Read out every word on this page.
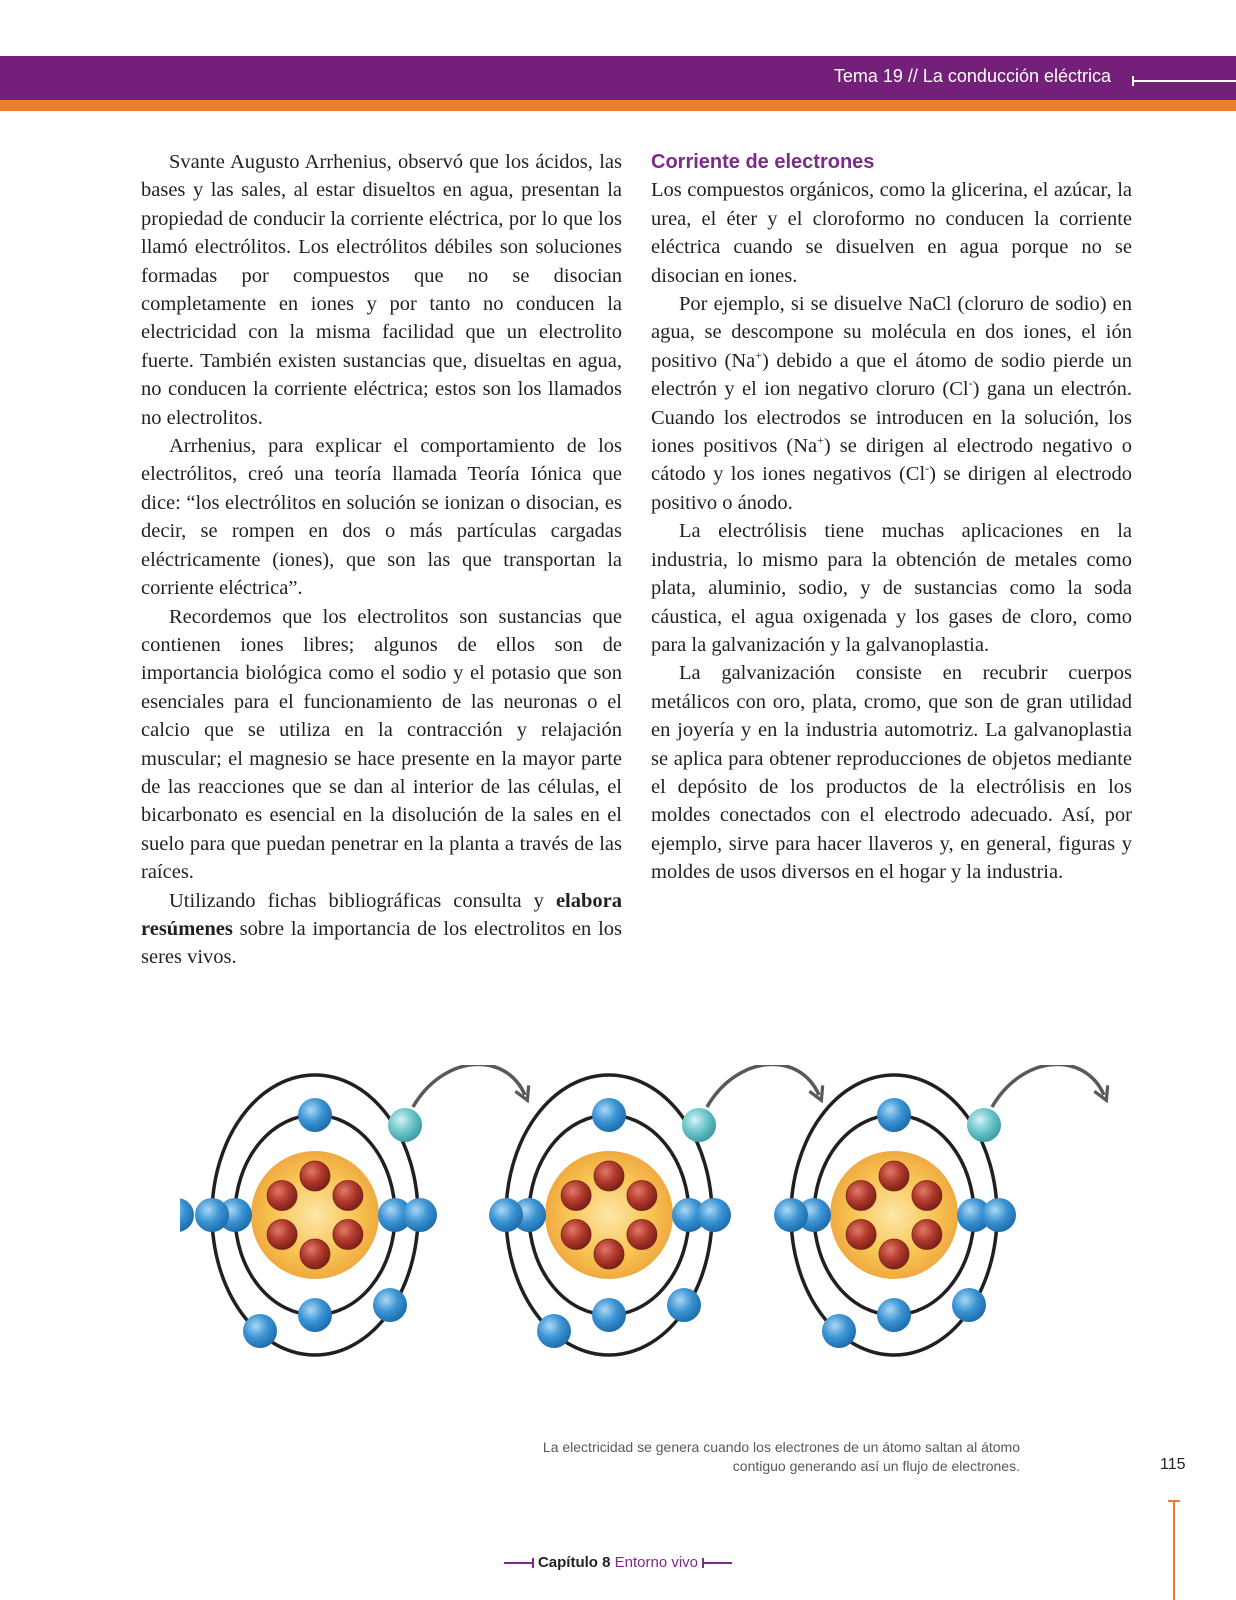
Tema 19 // La conducción eléctrica

Svante Augusto Arrhenius, observó que los ácidos, las bases y las sales, al estar disueltos en agua, presentan la propiedad de conducir la corriente eléctrica, por lo que los llamó electrólitos. Los electrólitos débiles son soluciones formadas por compuestos que no se disocian completamente en iones y por tanto no conducen la electricidad con la misma facilidad que un electrolito fuerte. También existen sustancias que, disueltas en agua, no conducen la corriente eléctrica; estos son los llamados no electrolitos.

Arrhenius, para explicar el comportamiento de los electrólitos, creó una teoría llamada Teoría Iónica que dice: “los electrólitos en solución se ionizan o disocian, es decir, se rompen en dos o más partículas cargadas eléctricamente (iones), que son las que transportan la corriente eléctrica”.

Recordemos que los electrolitos son sustancias que contienen iones libres; algunos de ellos son de importancia biológica como el sodio y el potasio que son esenciales para el funcionamiento de las neuronas o el calcio que se utiliza en la contracción y relajación muscular; el magnesio se hace presente en la mayor parte de las reacciones que se dan al interior de las células, el bicarbonato es esencial en la disolución de la sales en el suelo para que puedan penetrar en la planta a través de las raíces.

Utilizando fichas bibliográficas consulta y elabora resúmenes sobre la importancia de los electrolitos en los seres vivos.

Corriente de electrones

Los compuestos orgánicos, como la glicerina, el azúcar, la urea, el éter y el cloroformo no conducen la corriente eléctrica cuando se disuelven en agua porque no se disocian en iones.

Por ejemplo, si se disuelve NaCl (cloruro de sodio) en agua, se descompone su molécula en dos iones, el ión positivo (Na+) debido a que el átomo de sodio pierde un electrón y el ion negativo cloruro (Cl-) gana un electrón. Cuando los electrodos se introducen en la solución, los iones positivos (Na+) se dirigen al electrodo negativo o cátodo y los iones negativos (Cl-) se dirigen al electrodo positivo o ánodo.

La electrólisis tiene muchas aplicaciones en la industria, lo mismo para la obtención de metales como plata, aluminio, sodio, y de sustancias como la soda cáustica, el agua oxigenada y los gases de cloro, como para la galvanización y la galvanoplastia.

La galvanización consiste en recubrir cuerpos metálicos con oro, plata, cromo, que son de gran utilidad en joyería y en la industria automotriz. La galvanoplastia se aplica para obtener reproducciones de objetos mediante el depósito de los productos de la electrólisis en los moldes conectados con el electrodo adecuado. Así, por ejemplo, sirve para hacer llaveros y, en general, figuras y moldes de usos diversos en el hogar y la industria.

La electricidad se genera cuando los electrones de un átomo saltan al átomo
contiguo generando así un flujo de electrones.	115
Capítulo 8 Entorno vivo
